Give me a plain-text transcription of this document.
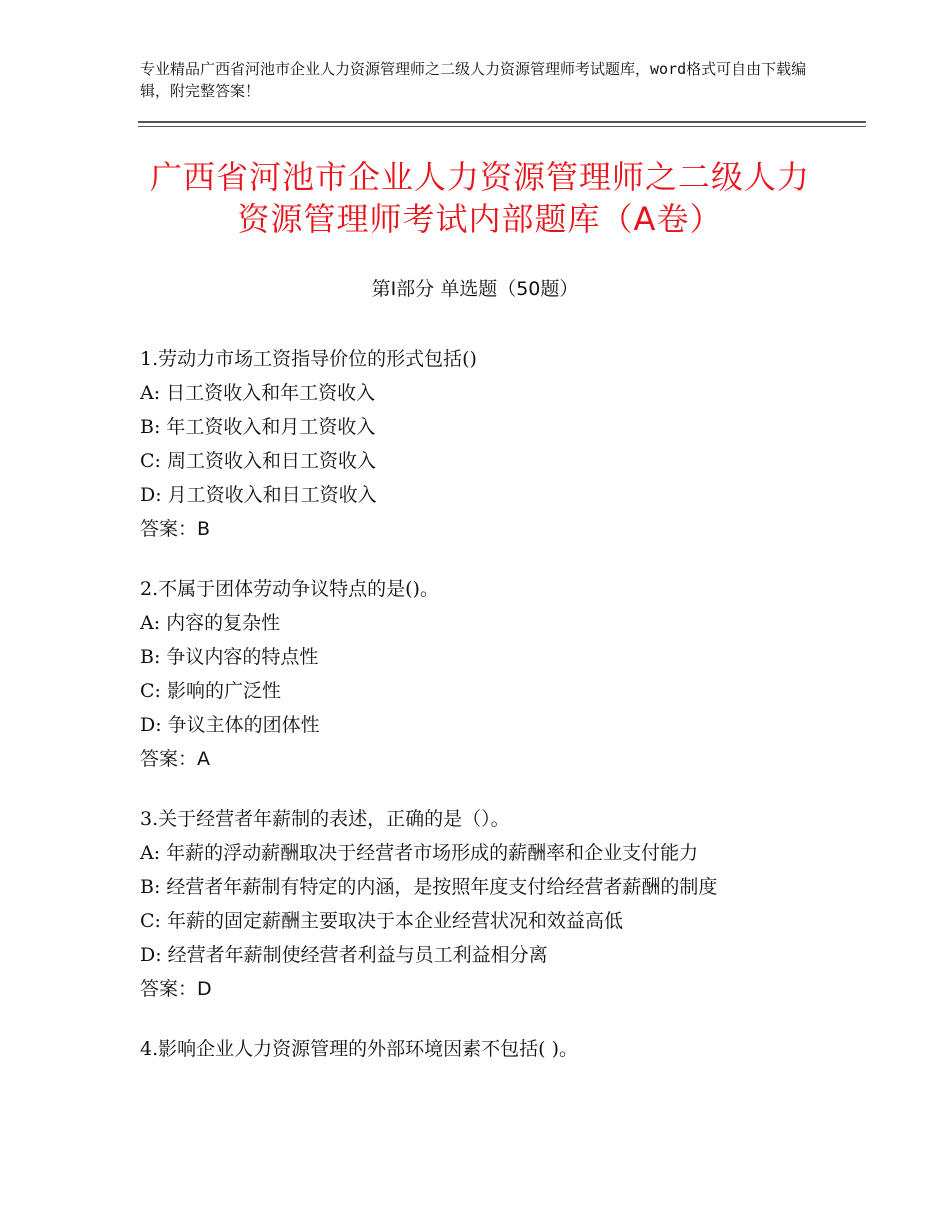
专业精品广西省河池市企业人力资源管理师之二级人力资源管理师考试题库，word格式可自由下载编辑，附完整答案！
广西省河池市企业人力资源管理师之二级人力资源管理师考试内部题库（A卷）
第Ⅰ部分 单选题（50题）
1.劳动力市场工资指导价位的形式包括()
A: 日工资收入和年工资收入
B: 年工资收入和月工资收入
C: 周工资收入和日工资收入
D: 月工资收入和日工资收入
答案：B
2.不属于团体劳动争议特点的是()。
A: 内容的复杂性
B: 争议内容的特点性
C: 影响的广泛性
D: 争议主体的团体性
答案：A
3.关于经营者年薪制的表述，正确的是（）。
A: 年薪的浮动薪酬取决于经营者市场形成的薪酬率和企业支付能力
B: 经营者年薪制有特定的内涵，是按照年度支付给经营者薪酬的制度
C: 年薪的固定薪酬主要取决于本企业经营状况和效益高低
D: 经营者年薪制使经营者利益与员工利益相分离
答案：D
4.影响企业人力资源管理的外部环境因素不包括( )。
